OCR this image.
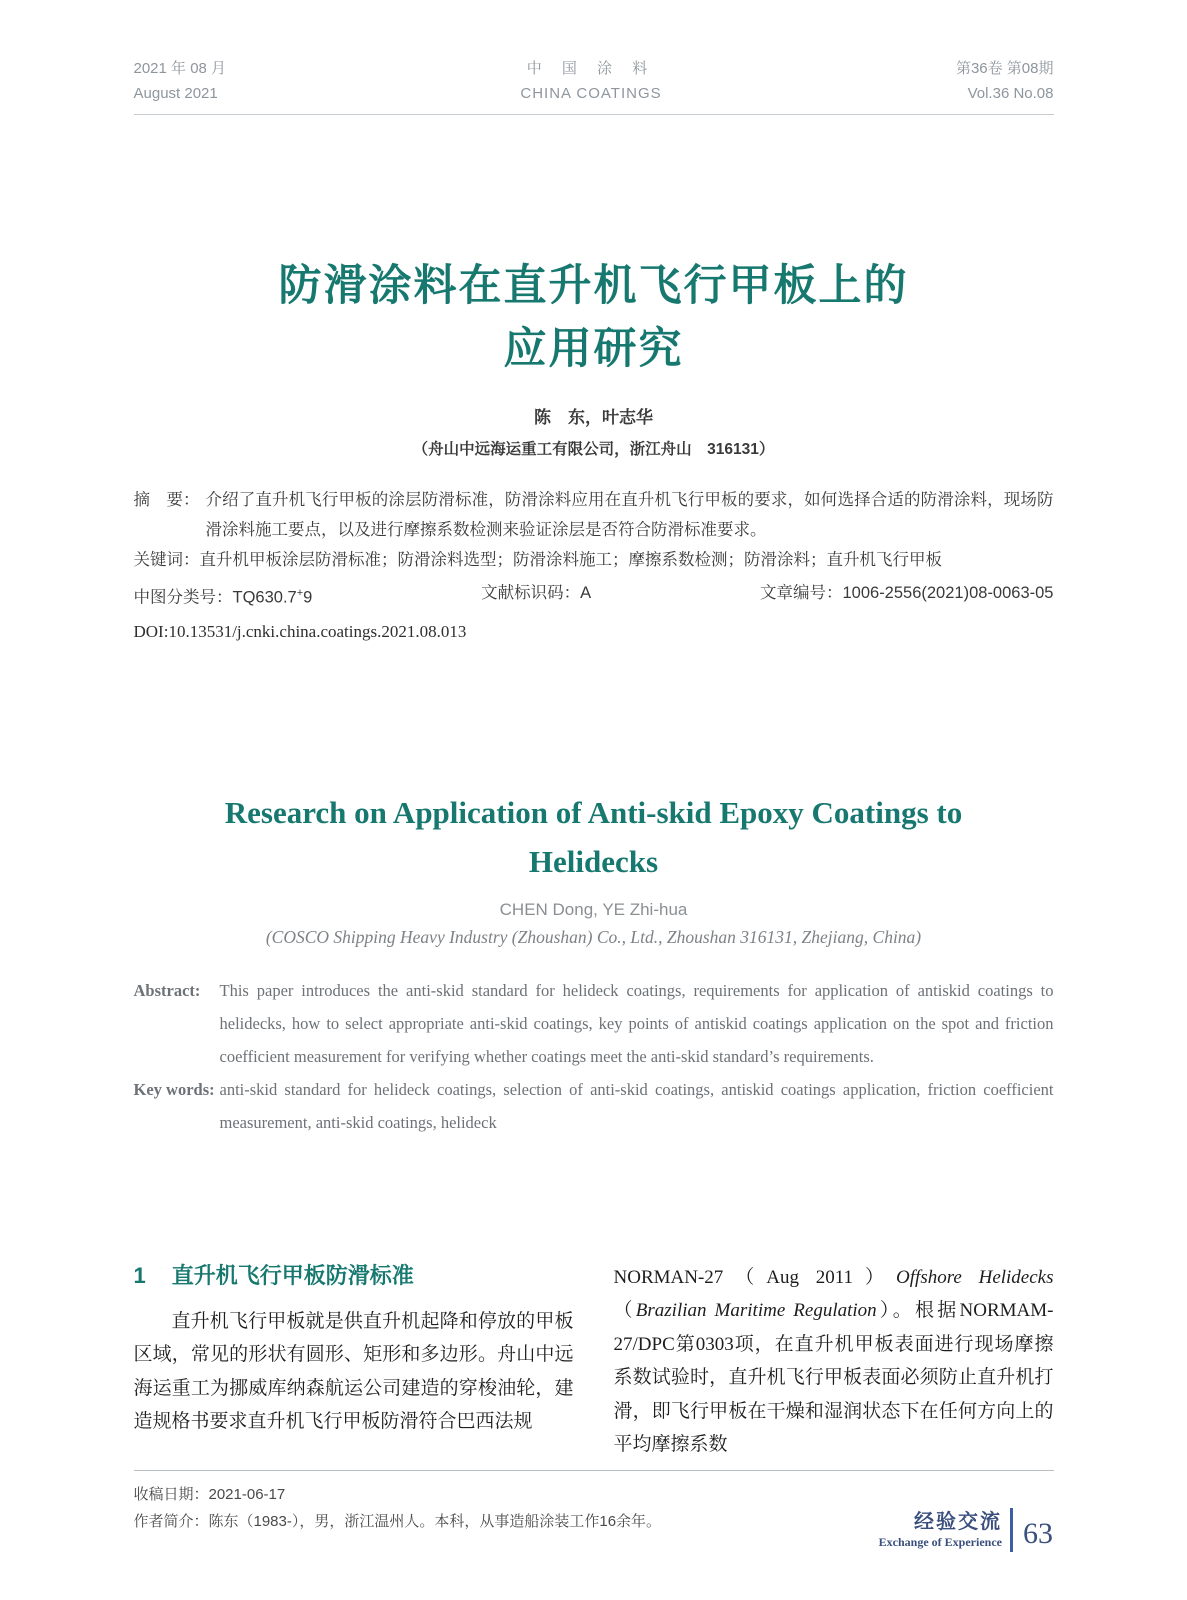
2021 年 08 月
August 2021
中 国 涂 料
CHINA COATINGS
第36卷 第08期
Vol.36 No.08
防滑涂料在直升机飞行甲板上的
应用研究
陈　东，叶志华
（舟山中远海运重工有限公司，浙江舟山　316131）
摘　要： 介绍了直升机飞行甲板的涂层防滑标准，防滑涂料应用在直升机飞行甲板的要求，如何选择合适的防滑涂料，现场防滑涂料施工要点，以及进行摩擦系数检测来验证涂层是否符合防滑标准要求。
关键词：直升机甲板涂层防滑标准；防滑涂料选型；防滑涂料施工；摩擦系数检测；防滑涂料；直升机飞行甲板
中图分类号：TQ630.7+9	文献标识码：A	文章编号：1006-2556(2021)08-0063-05
DOI:10.13531/j.cnki.china.coatings.2021.08.013
Research on Application of Anti-skid Epoxy Coatings to
Helidecks
CHEN Dong, YE Zhi-hua
(COSCO Shipping Heavy Industry (Zhoushan) Co., Ltd., Zhoushan 316131, Zhejiang, China)
Abstract: This paper introduces the anti-skid standard for helideck coatings, requirements for application of antiskid coatings to helidecks, how to select appropriate anti-skid coatings, key points of antiskid coatings application on the spot and friction coefficient measurement for verifying whether coatings meet the anti-skid standard’s requirements.
Key words: anti-skid standard for helideck coatings, selection of anti-skid coatings, antiskid coatings application, friction coefficient measurement, anti-skid coatings, helideck
1 直升机飞行甲板防滑标准

直升机飞行甲板就是供直升机起降和停放的甲板区域，常见的形状有圆形、矩形和多边形。舟山中远海运重工为挪威库纳森航运公司建造的穿梭油轮，建造规格书要求直升机飞行甲板防滑符合巴西法规

NORMAN-27（Aug 2011）Offshore Helidecks（Brazilian Maritime Regulation）。根据NORMAM-27/DPC第0303项，在直升机甲板表面进行现场摩擦系数试验时，直升机飞行甲板表面必须防止直升机打滑，即飞行甲板在干燥和湿润状态下在任何方向上的平均摩擦系数

收稿日期：2021-06-17
作者简介：陈东（1983-），男，浙江温州人。本科，从事造船涂装工作16余年。	经验交流
Exchange of Experience 63
